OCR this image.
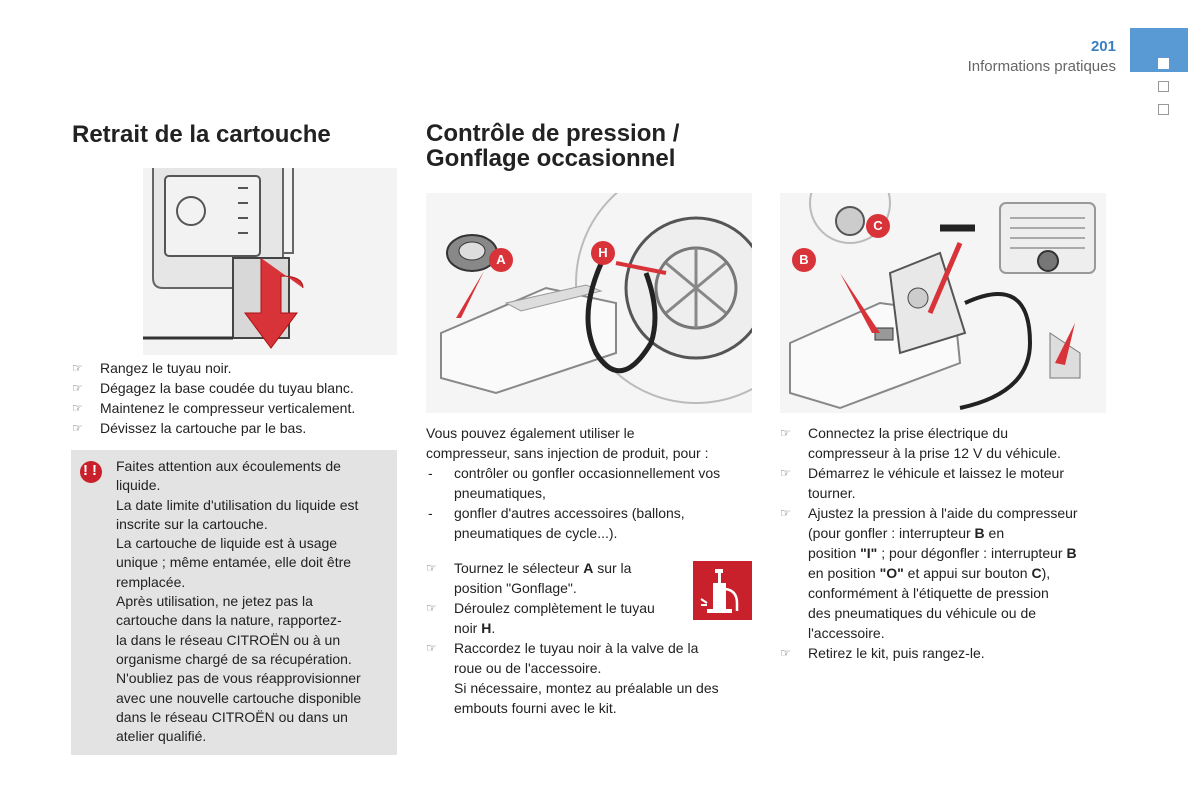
201
Informations pratiques
Retrait de la cartouche
☞ Rangez le tuyau noir.
☞ Dégagez la base coudée du tuyau blanc.
☞ Maintenez le compresseur verticalement.
☞ Dévissez la cartouche par le bas.
! ! Faites attention aux écoulements de
liquide.
La date limite d'utilisation du liquide est
inscrite sur la cartouche.
La cartouche de liquide est à usage
unique ; même entamée, elle doit être
remplacée.
Après utilisation, ne jetez pas la
cartouche dans la nature, rapportez-
la dans le réseau CITROËN ou à un
organisme chargé de sa récupération.
N'oubliez pas de vous réapprovisionner
avec une nouvelle cartouche disponible
dans le réseau CITROËN ou dans un
atelier qualifié.
Contrôle de pression /
Gonflage occasionnel
A	H
Vous pouvez également utiliser le
compresseur, sans injection de produit, pour :
- contrôler ou gonfler occasionnellement vos
pneumatiques,
- gonfler d'autres accessoires (ballons,
pneumatiques de cycle...).
☞ Tournez le sélecteur A sur la
position "Gonflage".
☞ Déroulez complètement le tuyau
noir H.
☞ Raccordez le tuyau noir à la valve de la
roue ou de l'accessoire.
Si nécessaire, montez au préalable un des
embouts fourni avec le kit.
B
C
☞ Connectez la prise électrique du
compresseur à la prise 12 V du véhicule.
☞ Démarrez le véhicule et laissez le moteur
tourner.
☞ Ajustez la pression à l'aide du compresseur
(pour gonfler : interrupteur B en
position "I" ; pour dégonfler : interrupteur B
en position "O" et appui sur bouton C),
conformément à l'étiquette de pression
des pneumatiques du véhicule ou de
l'accessoire.
☞ Retirez le kit, puis rangez-le.
